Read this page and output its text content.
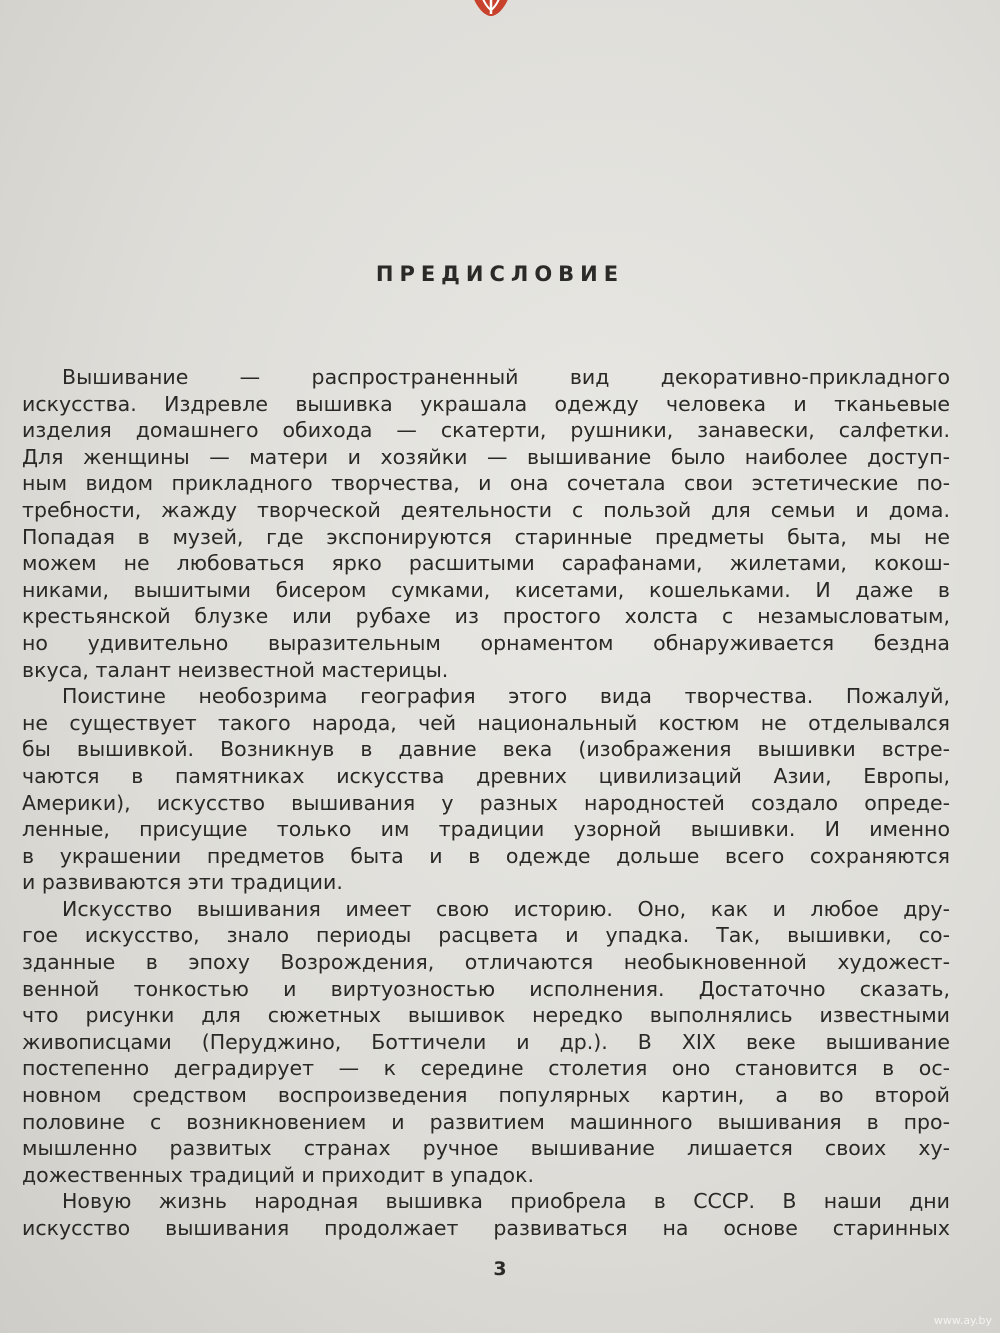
ПРЕДИСЛОВИЕ
Вышивание — распространенный вид декоративно-прикладного
искусства. Издревле вышивка украшала одежду человека и тканьевые
изделия домашнего обихода — скатерти, рушники, занавески, салфетки.
Для женщины — матери и хозяйки — вышивание было наиболее доступ-
ным видом прикладного творчества, и она сочетала свои эстетические по-
требности, жажду творческой деятельности с пользой для семьи и дома.
Попадая в музей, где экспонируются старинные предметы быта, мы не
можем не любоваться ярко расшитыми сарафанами, жилетами, кокош-
никами, вышитыми бисером сумками, кисетами, кошельками. И даже в
крестьянской блузке или рубахе из простого холста с незамысловатым,
но удивительно выразительным орнаментом обнаруживается бездна
вкуса, талант неизвестной мастерицы.
Поистине необозрима география этого вида творчества. Пожалуй,
не существует такого народа, чей национальный костюм не отделывался
бы вышивкой. Возникнув в давние века (изображения вышивки встре-
чаются в памятниках искусства древних цивилизаций Азии, Европы,
Америки), искусство вышивания у разных народностей создало опреде-
ленные, присущие только им традиции узорной вышивки. И именно
в украшении предметов быта и в одежде дольше всего сохраняются
и развиваются эти традиции.
Искусство вышивания имеет свою историю. Оно, как и любое дру-
гое искусство, знало периоды расцвета и упадка. Так, вышивки, со-
зданные в эпоху Возрождения, отличаются необыкновенной художест-
венной тонкостью и виртуозностью исполнения. Достаточно сказать,
что рисунки для сюжетных вышивок нередко выполнялись известными
живописцами (Перуджино, Боттичели и др.). В XIX веке вышивание
постепенно деградирует — к середине столетия оно становится в ос-
новном средством воспроизведения популярных картин, а во второй
половине с возникновением и развитием машинного вышивания в про-
мышленно развитых странах ручное вышивание лишается своих ху-
дожественных традиций и приходит в упадок.
Новую жизнь народная вышивка приобрела в СССР. В наши дни
искусство вышивания продолжает развиваться на основе старинных
3
www.ay.by
